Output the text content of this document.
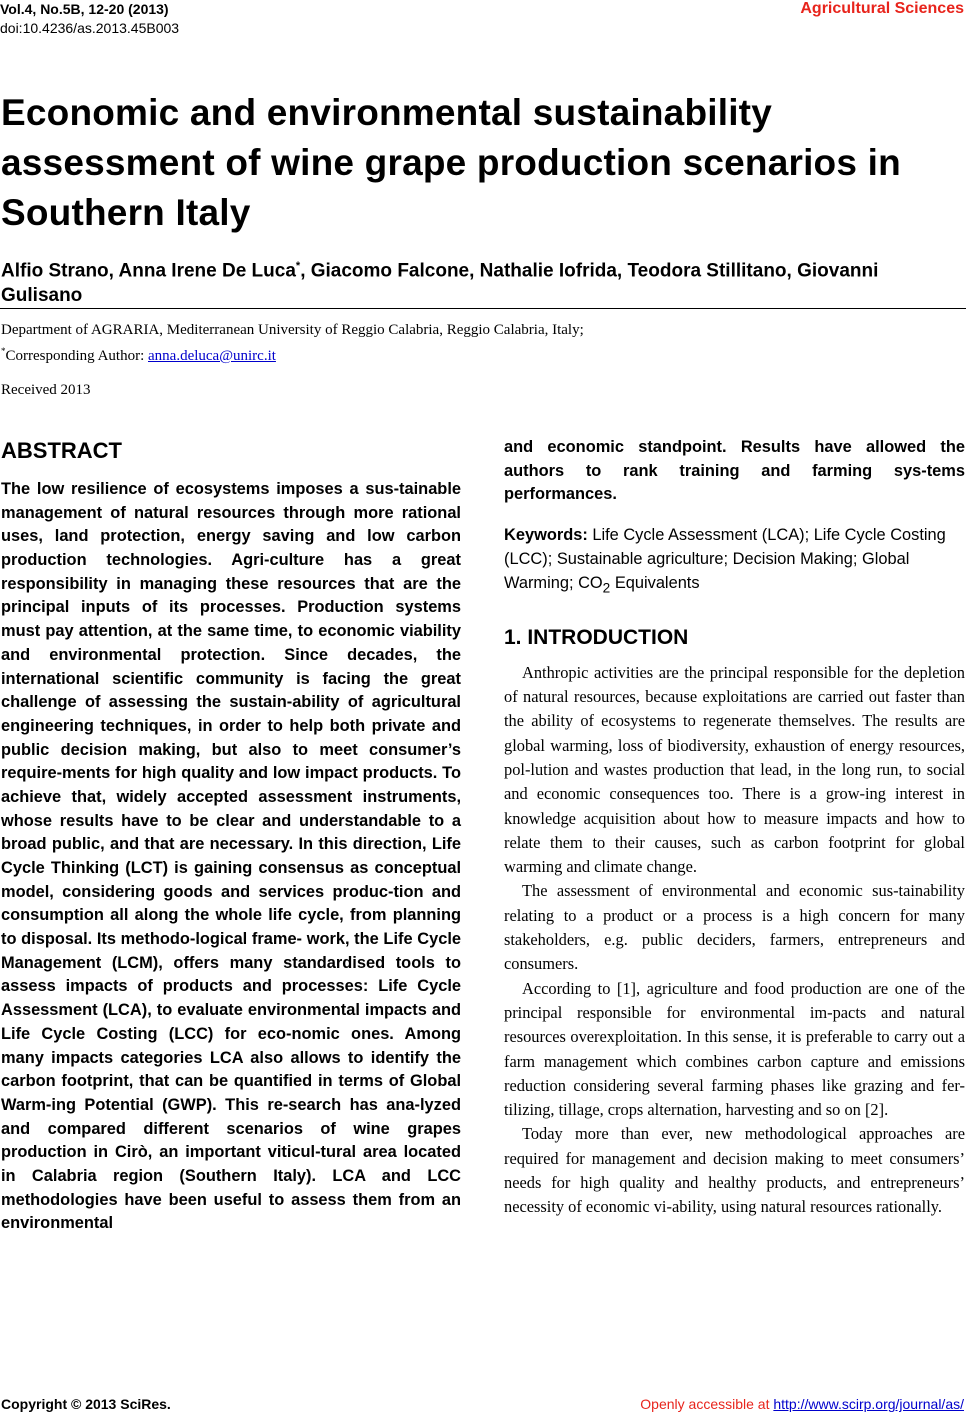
Vol.4, No.5B, 12-20 (2013)
doi:10.4236/as.2013.45B003
Agricultural Sciences
Economic and environmental sustainability assessment of wine grape production scenarios in Southern Italy
Alfio Strano, Anna Irene De Luca*, Giacomo Falcone, Nathalie Iofrida, Teodora Stillitano, Giovanni Gulisano
Department of AGRARIA, Mediterranean University of Reggio Calabria, Reggio Calabria, Italy;
*Corresponding Author: anna.deluca@unirc.it
Received 2013
ABSTRACT

The low resilience of ecosystems imposes a sus-tainable management of natural resources through more rational uses, land protection, energy saving and low carbon production technologies. Agri-culture has a great responsibility in managing these resources that are the principal inputs of its processes. Production systems must pay attention, at the same time, to economic viability and environmental protection. Since decades, the international scientific community is facing the great challenge of assessing the sustain-ability of agricultural engineering techniques, in order to help both private and public decision making, but also to meet consumer’s require-ments for high quality and low impact products. To achieve that, widely accepted assessment instruments, whose results have to be clear and understandable to a broad public, and that are necessary. In this direction, Life Cycle Thinking (LCT) is gaining consensus as conceptual model, considering goods and services produc-tion and consumption all along the whole life cycle, from planning to disposal. Its methodo-logical frame- work, the Life Cycle Management (LCM), offers many standardised tools to assess impacts of products and processes: Life Cycle Assessment (LCA), to evaluate environmental impacts and Life Cycle Costing (LCC) for eco-nomic ones. Among many impacts categories LCA also allows to identify the carbon footprint, that can be quantified in terms of Global Warm-ing Potential (GWP). This re-search has ana-lyzed and compared different scenarios of wine grapes production in Cirò, an important viticul-tural area located in Calabria region (Southern Italy). LCA and LCC methodologies have been useful to assess them from an environmental

and economic standpoint. Results have allowed the authors to rank training and farming sys-tems performances.

Keywords: Life Cycle Assessment (LCA); Life Cycle Costing (LCC); Sustainable agriculture; Decision Making; Global Warming; $CO_2$ Equivalents

1. INTRODUCTION

Anthropic activities are the principal responsible for the depletion of natural resources, because exploitations are carried out faster than the ability of ecosystems to regenerate themselves. The results are global warming, loss of biodiversity, exhaustion of energy resources, pol-lution and wastes production that lead, in the long run, to social and economic consequences too. There is a grow-ing interest in knowledge acquisition about how to measure impacts and how to relate them to their causes, such as carbon footprint for global warming and climate change.

The assessment of environmental and economic sus-tainability relating to a product or a process is a high concern for many stakeholders, e.g. public deciders, farmers, entrepreneurs and consumers.

According to [1], agriculture and food production are one of the principal responsible for environmental im-pacts and natural resources overexploitation. In this sense, it is preferable to carry out a farm management which combines carbon capture and emissions reduction considering several farming phases like grazing and fer-tilizing, tillage, crops alternation, harvesting and so on [2].

Today more than ever, new methodological approaches are required for management and decision making to meet consumers’ needs for high quality and healthy products, and entrepreneurs’ necessity of economic vi-ability, using natural resources rationally.

Copyright © 2013 SciRes.	Openly accessible at http://www.scirp.org/journal/as/
